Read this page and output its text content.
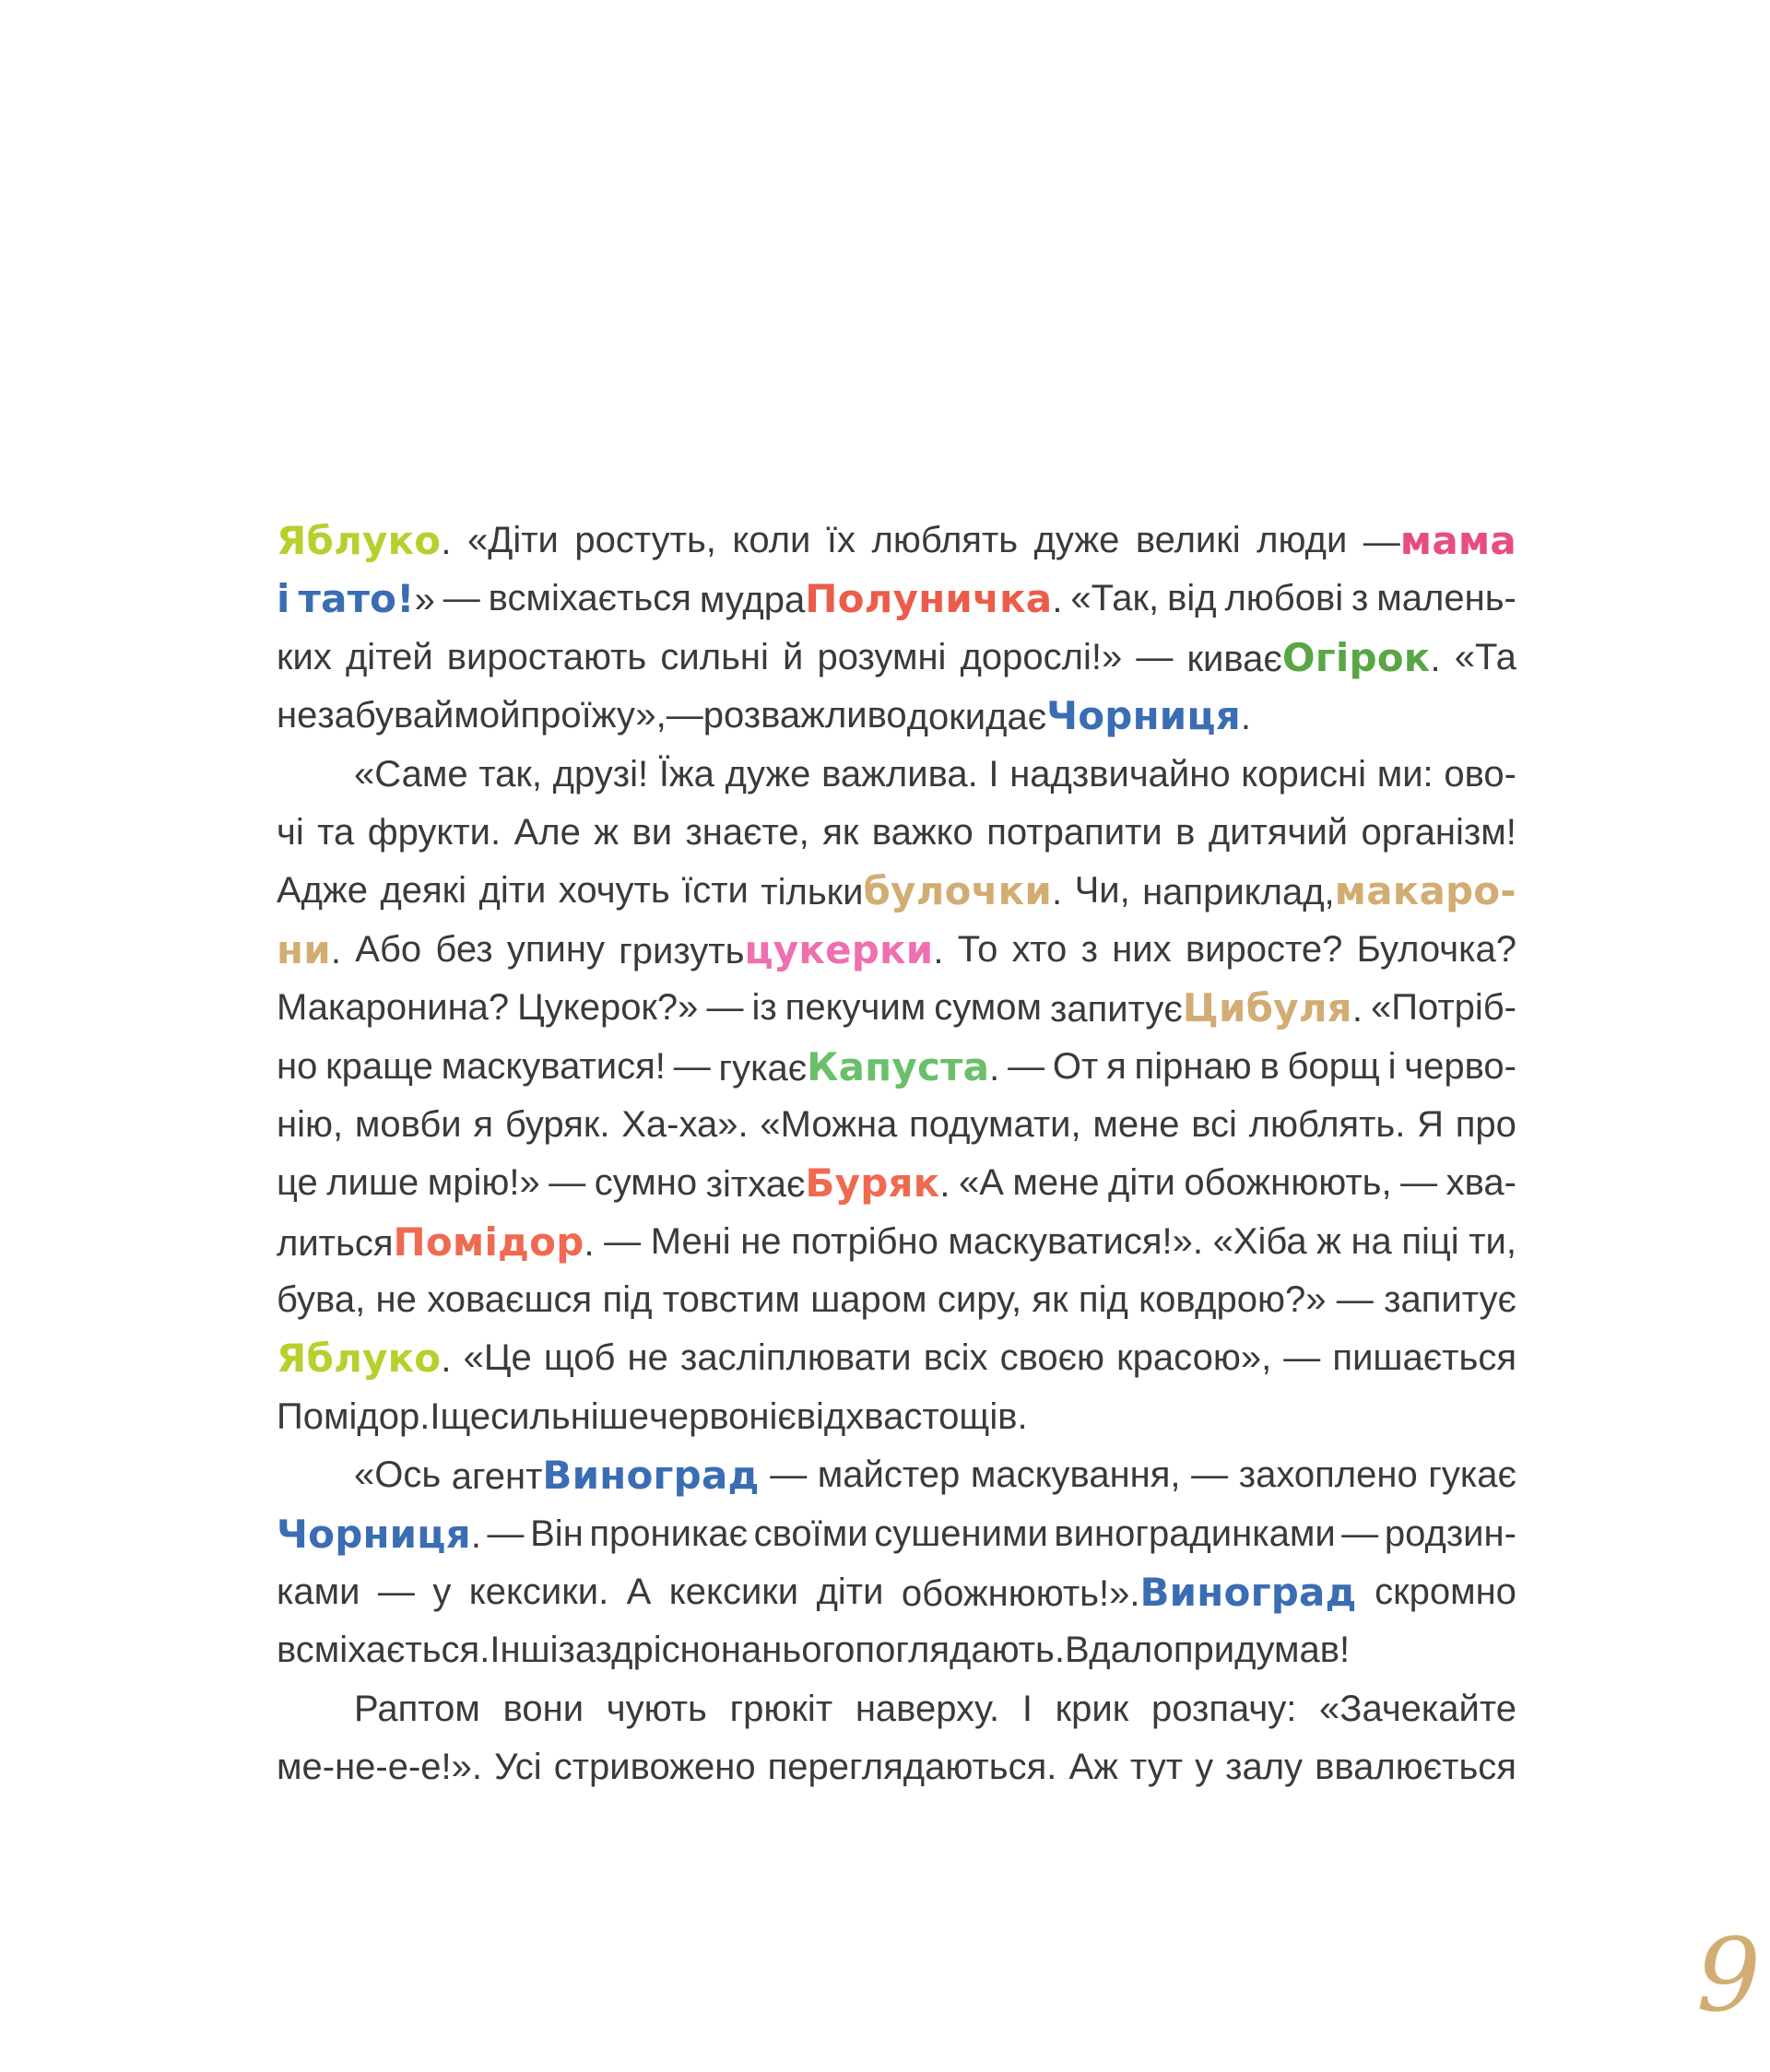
Яблуко. «Діти ростуть, коли їх люблять дуже великі люди —мама
і тато!» — всміхається мудраПолуничка. «Так, від любові з малень-
ких дітей виростають сильні й розумні дорослі!» — киваєОгірок. «Та
не забуваймо й про їжу», — розважливо докидаєЧорниця.
«Саме так, друзі! Їжа дуже важлива. І надзвичайно корисні ми: ово-
чі та фрукти. Але ж ви знаєте, як важко потрапити в дитячий організм!
Адже деякі діти хочуть їсти тількибулочки. Чи, наприклад,макаро-
ни. Або без упину гризутьцукерки. То хто з них виросте? Булочка?
Макаронина? Цукерок?» — із пекучим сумом запитуєЦибуля. «Потріб-
но краще маскуватися! — гукаєКапуста. — От я пірнаю в борщ і черво-
нію, мовби я буряк. Ха-ха». «Можна подумати, мене всі люблять. Я про
це лише мрію!» — сумно зітхаєБуряк. «А мене діти обожнюють, — хва-
литьсяПомідор. — Мені не потрібно маскуватися!». «Хіба ж на піці ти,
бува, не ховаєшся під товстим шаром сиру, як під ковдрою?» — запитує
Яблуко. «Це щоб не засліплювати всіх своєю красою», — пишається
Помідор. І ще сильніше червоніє від хвастощів.
«Ось агентВиноград — майстер маскування, — захоплено гукає
Чорниця. — Він проникає своїми сушеними виноградинками — родзин-
ками — у кексики. А кексики діти обожнюють!».Виноград скромно
всміхається. Інші заздрісно на нього поглядають. Вдало придумав!
Раптом вони чують грюкіт наверху. І крик розпачу: «Зачекайте
ме-не-е-е!». Усі стривожено переглядаються. Аж тут у залу ввалюється
9
